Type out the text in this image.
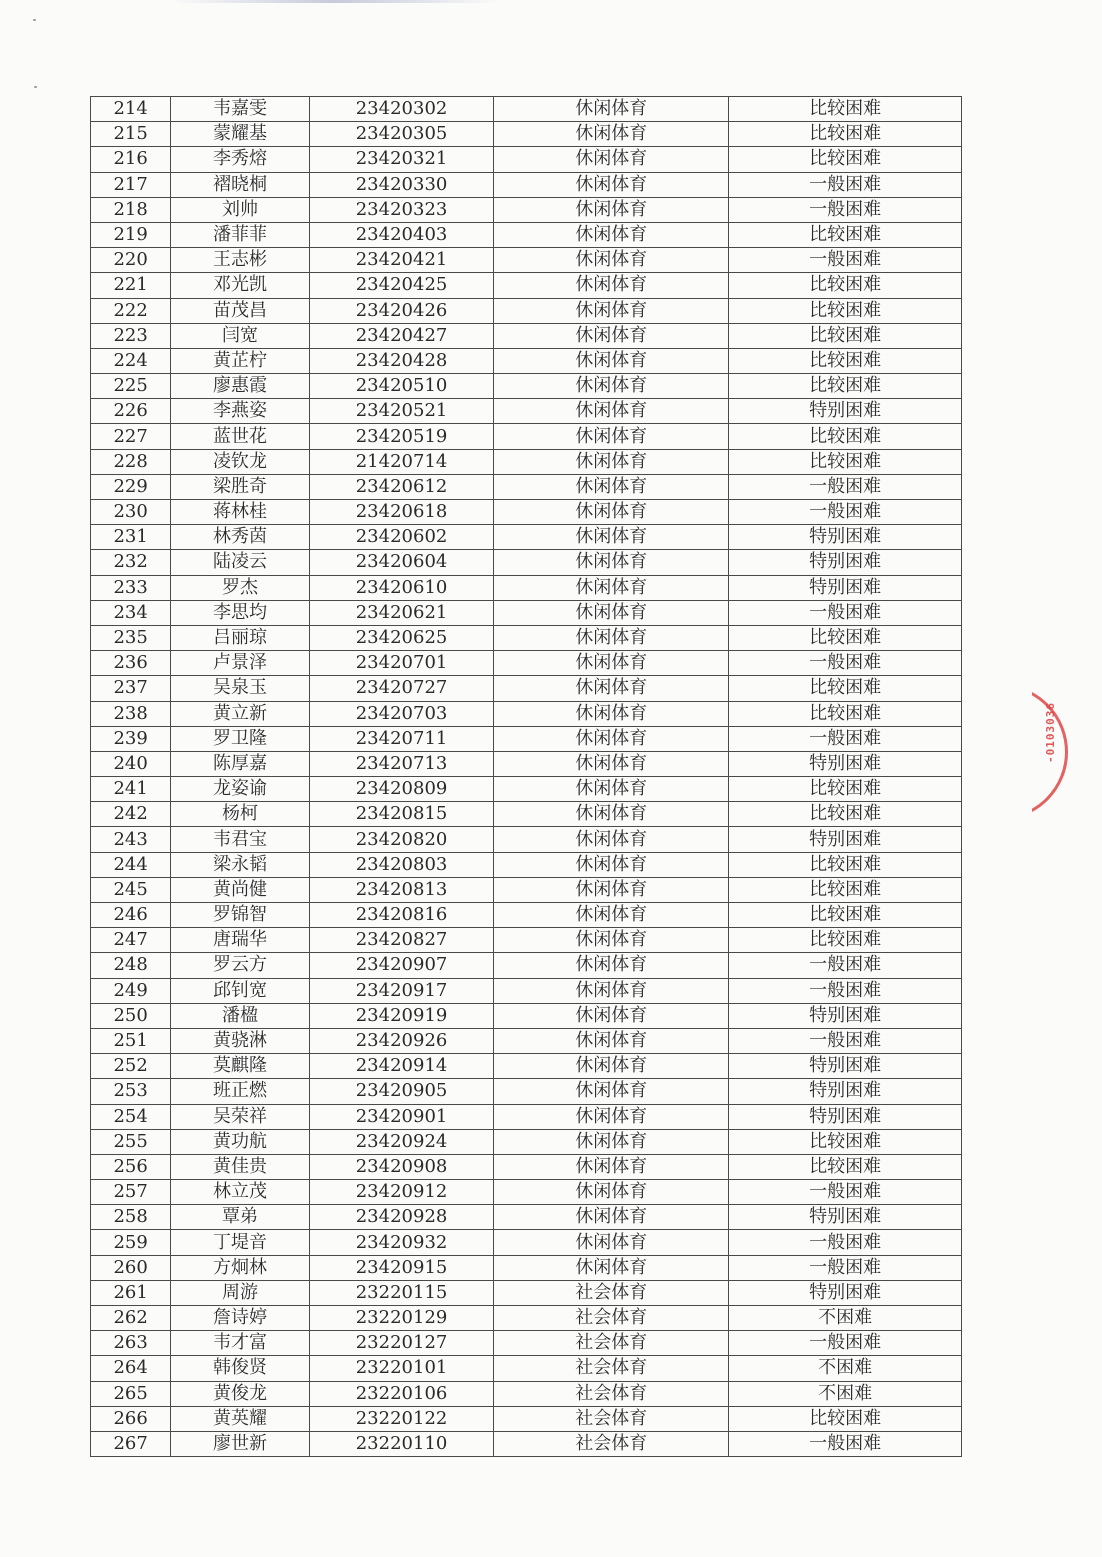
214	韦嘉雯	23420302	休闲体育	比较困难
215	蒙耀基	23420305	休闲体育	比较困难
216	李秀熔	23420321	休闲体育	比较困难
217	褶晓桐	23420330	休闲体育	一般困难
218	刘帅	23420323	休闲体育	一般困难
219	潘菲菲	23420403	休闲体育	比较困难
220	王志彬	23420421	休闲体育	一般困难
221	邓光凯	23420425	休闲体育	比较困难
222	苗茂昌	23420426	休闲体育	比较困难
223	闫宽	23420427	休闲体育	比较困难
224	黄芷柠	23420428	休闲体育	比较困难
225	廖惠霞	23420510	休闲体育	比较困难
226	李燕姿	23420521	休闲体育	特别困难
227	蓝世花	23420519	休闲体育	比较困难
228	凌钦龙	21420714	休闲体育	比较困难
229	梁胜奇	23420612	休闲体育	一般困难
230	蒋林桂	23420618	休闲体育	一般困难
231	林秀茵	23420602	休闲体育	特别困难
232	陆凌云	23420604	休闲体育	特别困难
233	罗杰	23420610	休闲体育	特别困难
234	李思均	23420621	休闲体育	一般困难
235	吕丽琼	23420625	休闲体育	比较困难
236	卢景泽	23420701	休闲体育	一般困难
237	吴泉玉	23420727	休闲体育	比较困难
238	黄立新	23420703	休闲体育	比较困难
239	罗卫隆	23420711	休闲体育	一般困难
240	陈厚嘉	23420713	休闲体育	特别困难
241	龙姿谕	23420809	休闲体育	比较困难
242	杨柯	23420815	休闲体育	比较困难
243	韦君宝	23420820	休闲体育	特别困难
244	梁永韬	23420803	休闲体育	比较困难
245	黄尚健	23420813	休闲体育	比较困难
246	罗锦智	23420816	休闲体育	比较困难
247	唐瑞华	23420827	休闲体育	比较困难
248	罗云方	23420907	休闲体育	一般困难
249	邱钊宽	23420917	休闲体育	一般困难
250	潘楹	23420919	休闲体育	特别困难
251	黄骁淋	23420926	休闲体育	一般困难
252	莫麒隆	23420914	休闲体育	特别困难
253	班正燃	23420905	休闲体育	特别困难
254	吴荣祥	23420901	休闲体育	特别困难
255	黄功航	23420924	休闲体育	比较困难
256	黄佳贵	23420908	休闲体育	比较困难
257	林立茂	23420912	休闲体育	一般困难
258	覃弟	23420928	休闲体育	特别困难
259	丁堤音	23420932	休闲体育	一般困难
260	方炯林	23420915	休闲体育	一般困难
261	周游	23220115	社会体育	特别困难
262	詹诗婷	23220129	社会体育	不困难
263	韦才富	23220127	社会体育	一般困难
264	韩俊贤	23220101	社会体育	不困难
265	黄俊龙	23220106	社会体育	不困难
266	黄英耀	23220122	社会体育	比较困难
267	廖世新	23220110	社会体育	一般困难
-0103036
